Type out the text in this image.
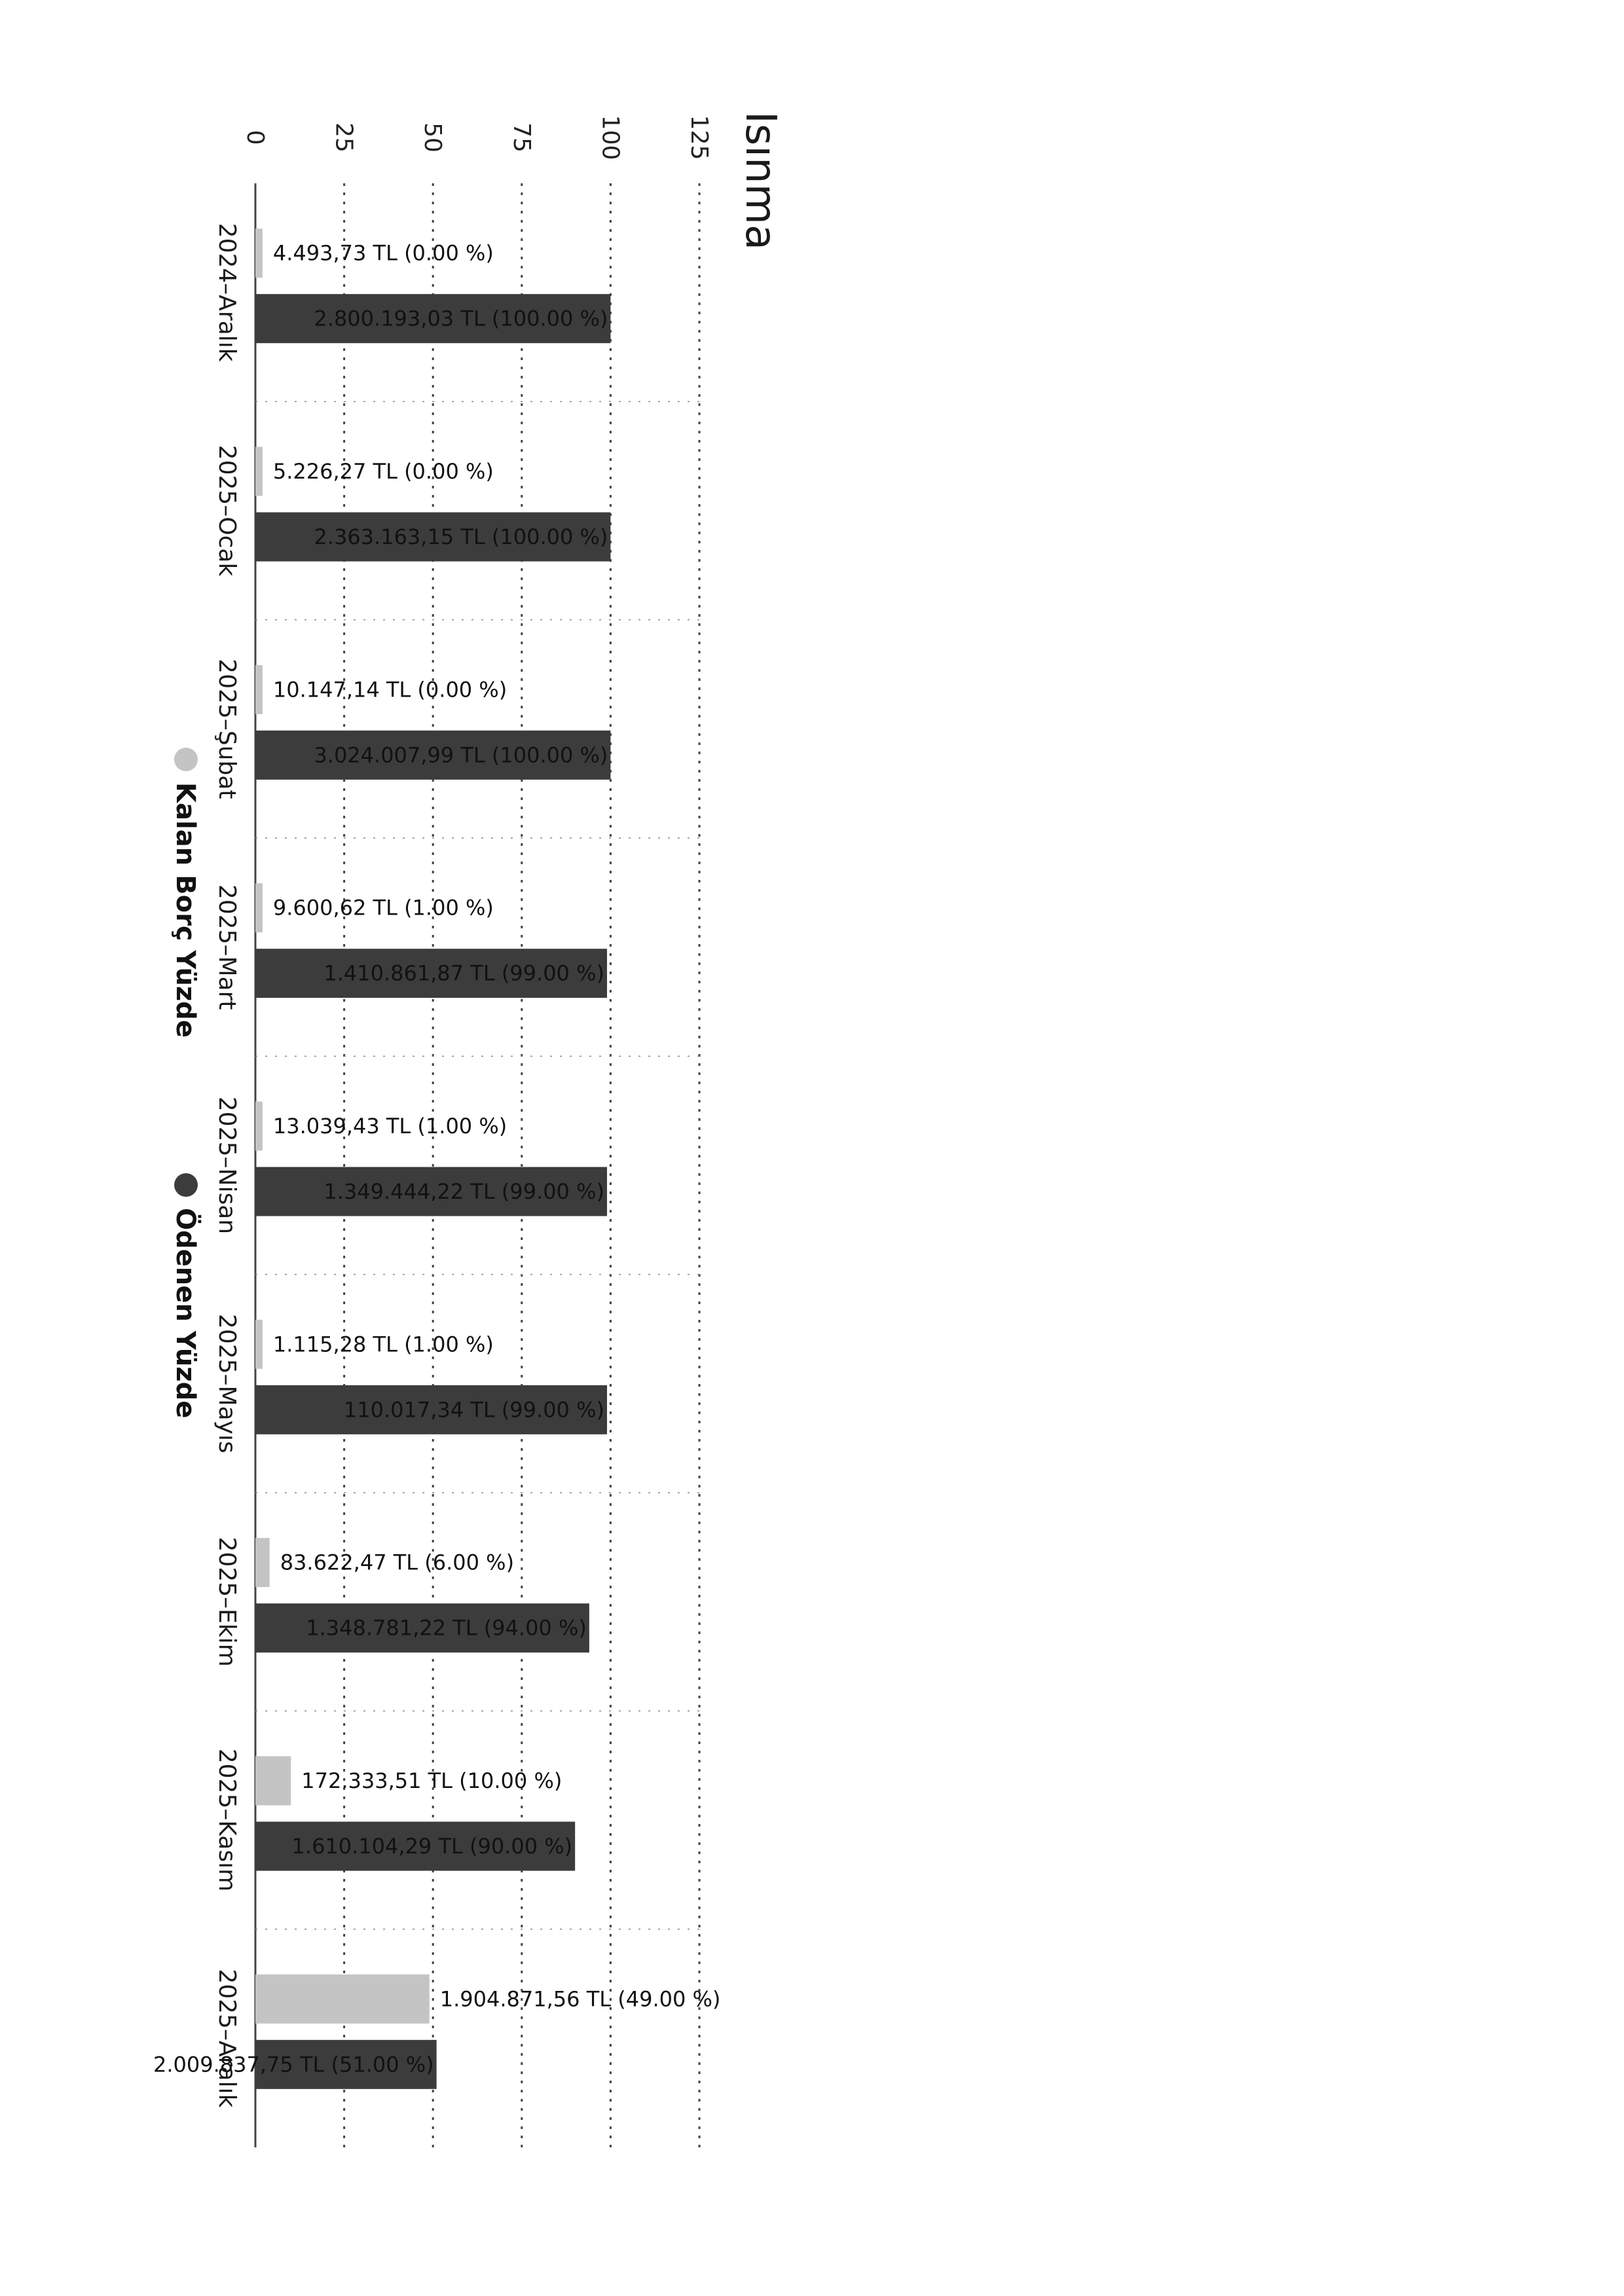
4.493,73 TL (0.00 %)
2.800.193,03 TL (100.00 %)
5.226,27 TL (0.00 %)
2.363.163,15 TL (100.00 %)
10.147,14 TL (0.00 %)
3.024.007,99 TL (100.00 %)
9.600,62 TL (1.00 %)
1.410.861,87 TL (99.00 %)
13.039,43 TL (1.00 %)
1.349.444,22 TL (99.00 %)
1.115,28 TL (1.00 %)
110.017,34 TL (99.00 %)
83.622,47 TL (6.00 %)
1.348.781,22 TL (94.00 %)
172.333,51 TL (10.00 %)
1.610.104,29 TL (90.00 %)
1.904.871,56 TL (49.00 %)
2.009.837,75 TL (51.00 %)
Isınma
0	25	50	75	100	125
2024–Aralık
2025–Ocak
2025–Şubat
2025–Mart
2025–Nisan
2025–Mayıs
2025–Ekim
2025–Kasım
2025–Aralık
Kalan Borç Yüzde
Ödenen Yüzde
